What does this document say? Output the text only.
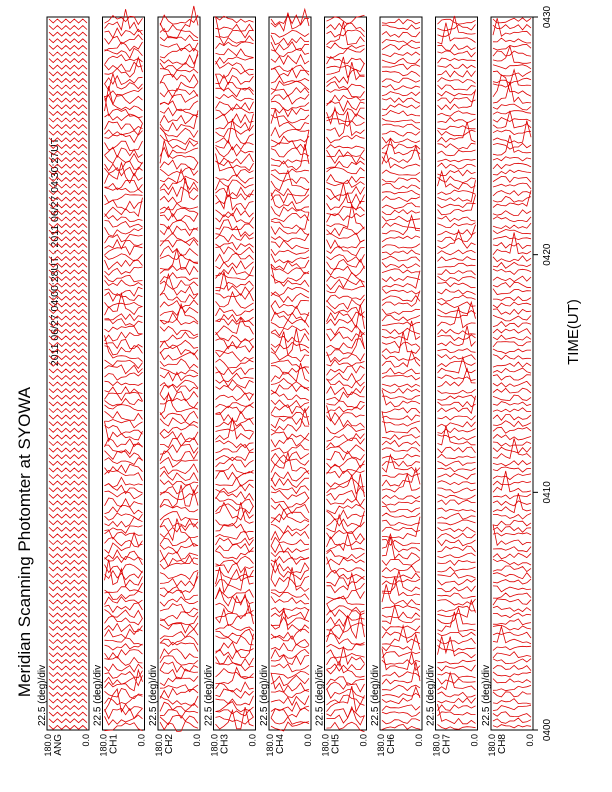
Meridian Scanning Photomter at SYOWA
2011 06/27 04:00:28UT - 2011 06/27 04:30:27UT
ANG
180.0	0.0
22.5 (deg)/div
CH1
180.0	0.0
22.5 (deg)/div
CH2
180.0	0.0
22.5 (deg)/div
CH3
180.0	0.0
22.5 (deg)/div
CH4
180.0	0.0
22.5 (deg)/div
CH5
180.0	0.0
22.5 (deg)/div
CH6
180.0	0.0
22.5 (deg)/div
CH7
180.0	0.0
22.5 (deg)/div
CH8
180.0	0.0
22.5 (deg)/div
0400
0410
0420
0430
TIME(UT)
